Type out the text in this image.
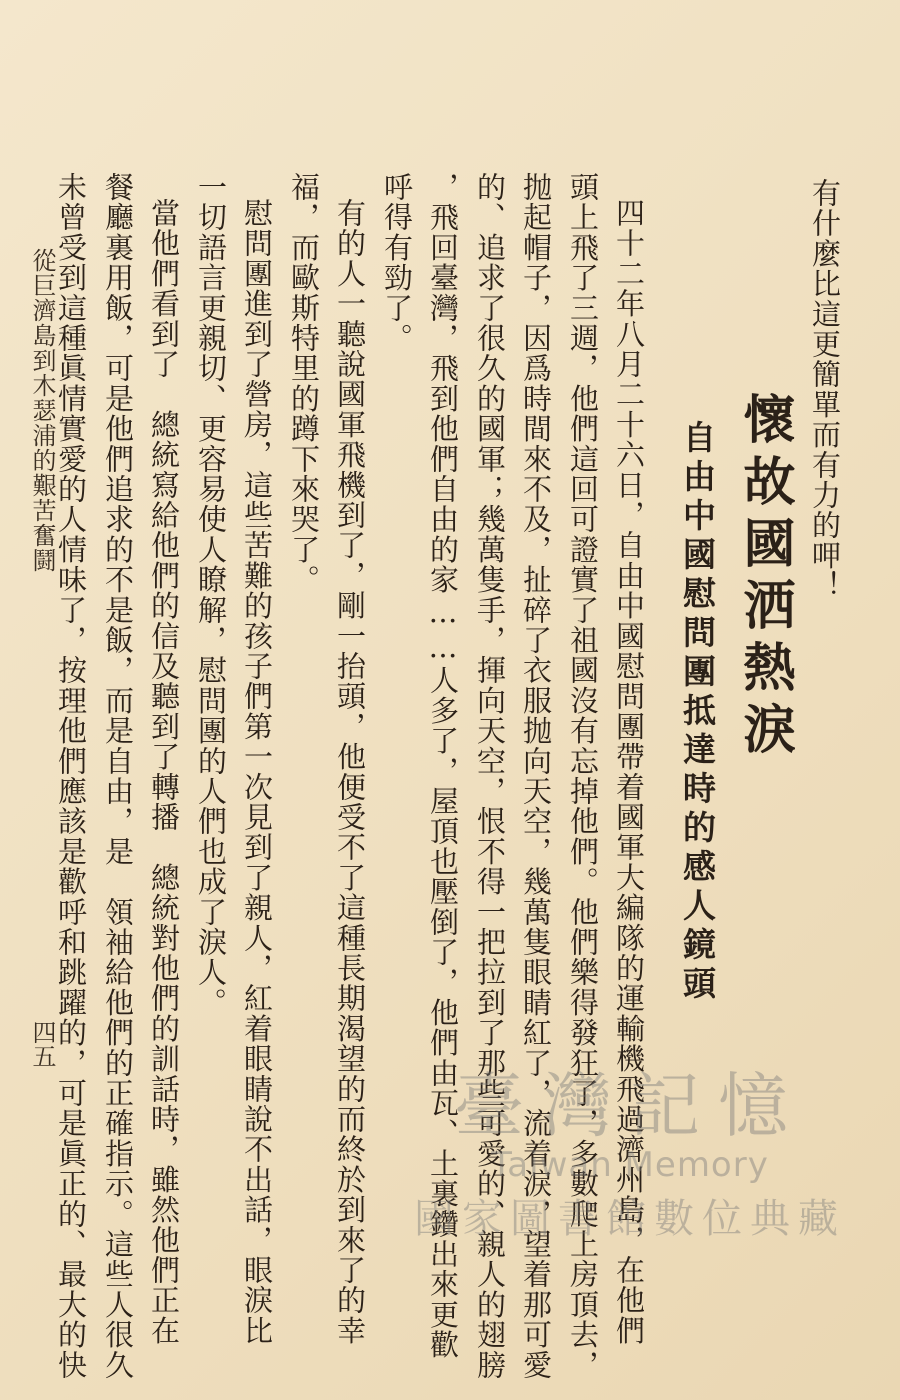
有什麼比這更簡單而有力的呷！
懷故國洒熱淚
自由中國慰問團抵達時的感人鏡頭
四十二年八月二十六日，自由中國慰問團帶着國軍大編隊的運輸機飛過濟州島，在他們
頭上飛了三週，他們這回可證實了祖國沒有忘掉他們。他們樂得發狂了，多數爬上房頂去，
抛起帽子，因爲時間來不及，扯碎了衣服抛向天空，幾萬隻眼睛紅了，流着淚，望着那可愛
的、追求了很久的國軍；幾萬隻手，揮向天空，恨不得一把拉到了那些可愛的、親人的翅膀
，飛回臺灣，飛到他們自由的家……人多了，屋頂也壓倒了，他們由瓦、土裏鑽出來更歡
呼得有勁了。
有的人一聽說國軍飛機到了，剛一抬頭，他便受不了這種長期渴望的而終於到來了的幸
福，而歐斯特里的蹲下來哭了。
慰問團進到了營房，這些苦難的孩子們第一次見到了親人，紅着眼睛說不出話，眼淚比
一切語言更親切、更容易使人瞭解，慰問團的人們也成了淚人。
當他們看到了　總統寫給他們的信及聽到了轉播　總統對他們的訓話時，雖然他們正在
餐廳裏用飯，可是他們追求的不是飯，而是自由，是　領袖給他們的正確指示。這些人很久
未曾受到這種眞情實愛的人情味了，按理他們應該是歡呼和跳躍的，可是眞正的、最大的快
從巨濟島到木瑟浦的艱苦奮鬪
四五
臺灣記憶
Taiwan Memory
國家圖書館數位典藏
